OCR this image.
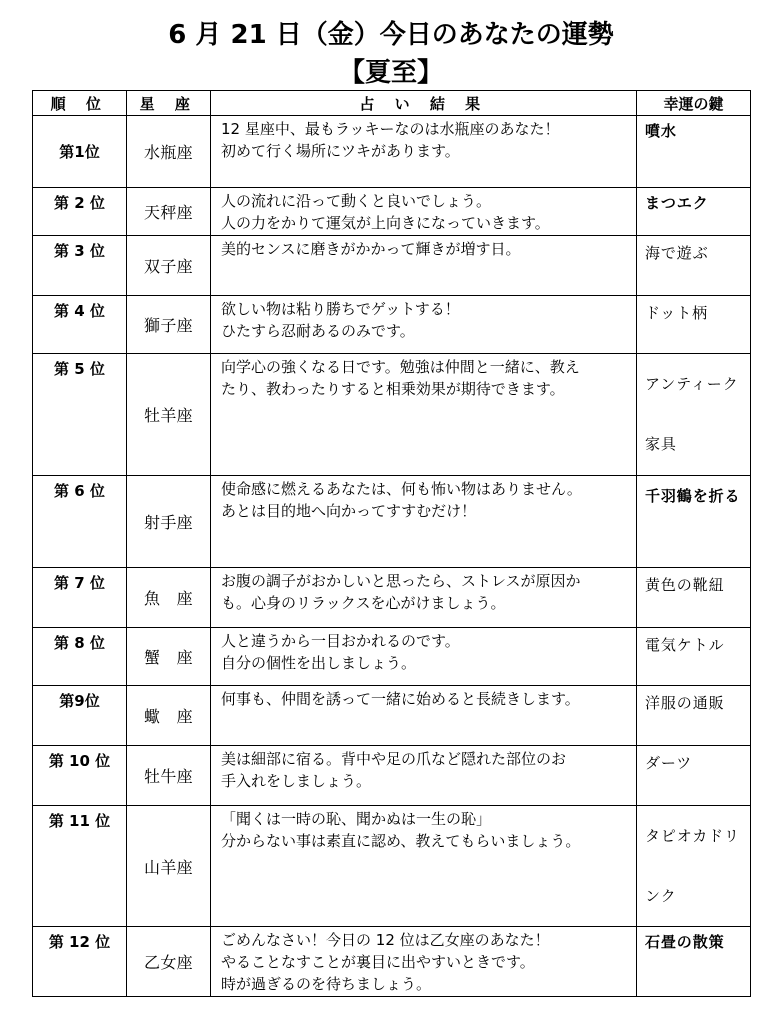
6 月 21 日（金）今日のあなたの運勢
【夏至】
順 位	星 座	占 い 結 果	幸運の鍵
第1位	水瓶座	12 星座中、最もラッキーなのは水瓶座のあなた！
初めて行く場所にツキがあります。	噴水
第 2 位	天秤座	人の流れに沿って動くと良いでしょう。
人の力をかりて運気が上向きになっていきます。	まつエク
第 3 位	双子座	美的センスに磨きがかかって輝きが増す日。	海で遊ぶ
第 4 位	獅子座	欲しい物は粘り勝ちでゲットする！
ひたすら忍耐あるのみです。	ドット柄
第 5 位	牡羊座	向学心の強くなる日です。勉強は仲間と一緒に、教え
たり、教わったりすると相乗効果が期待できます。	アンティーク家具
第 6 位	射手座	使命感に燃えるあなたは、何も怖い物はありません。
あとは目的地へ向かってすすむだけ！	千羽鶴を折る
第 7 位	魚　座	お腹の調子がおかしいと思ったら、ストレスが原因か
も。心身のリラックスを心がけましょう。	黄色の靴紐
第 8 位	蟹　座	人と違うから一目おかれるのです。
自分の個性を出しましょう。	電気ケトル
第9位	蠍　座	何事も、仲間を誘って一緒に始めると長続きします。	洋服の通販
第 10 位	牡牛座	美は細部に宿る。背中や足の爪など隠れた部位のお
手入れをしましょう。	ダーツ
第 11 位	山羊座	「聞くは一時の恥、聞かぬは一生の恥」
分からない事は素直に認め、教えてもらいましょう。	タピオカドリンク
第 12 位	乙女座	ごめんなさい！今日の 12 位は乙女座のあなた！
やることなすことが裏目に出やすいときです。
時が過ぎるのを待ちましょう。	石畳の散策
